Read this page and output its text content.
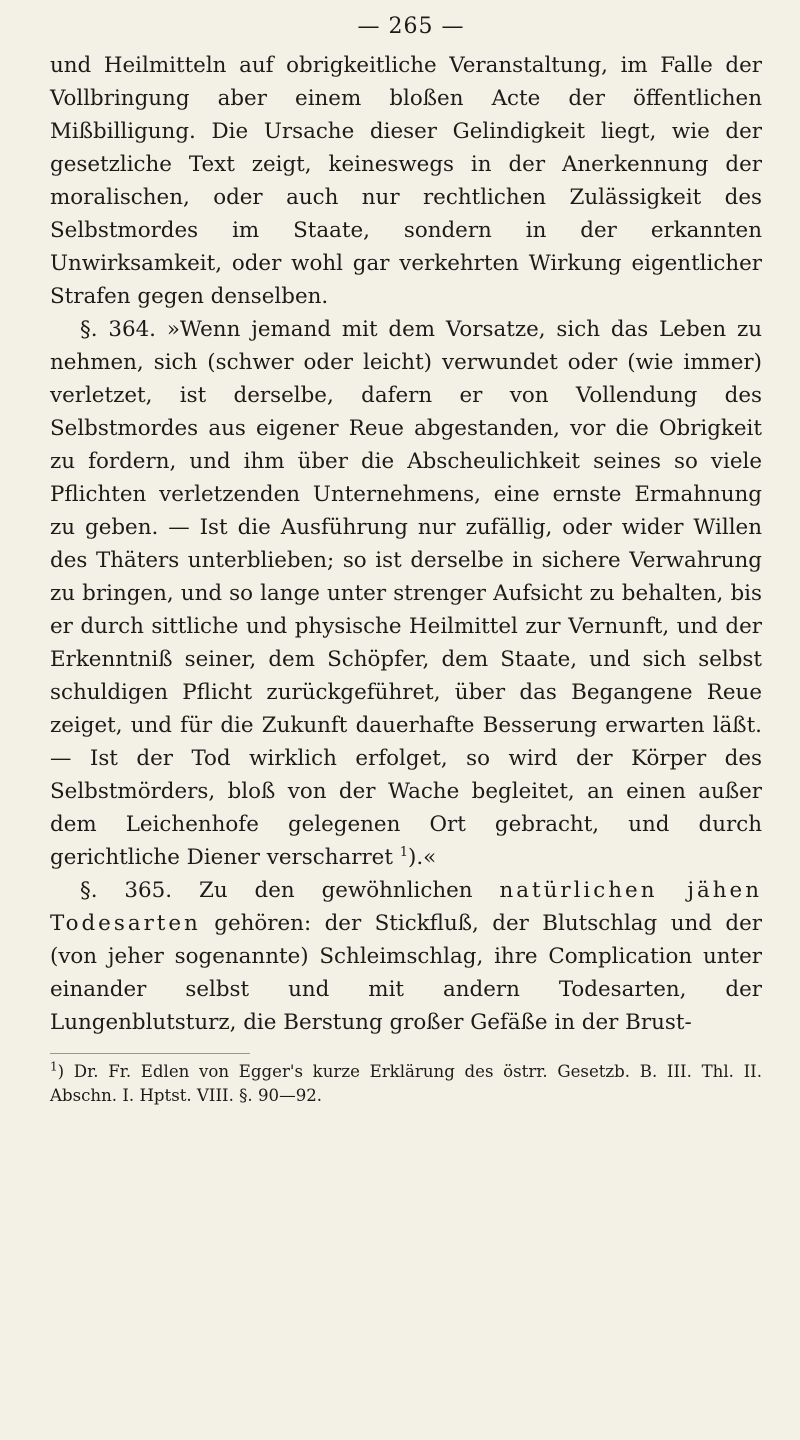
— 265 —

und Heilmitteln auf obrigkeitliche Veranstaltung, im Falle der Vollbringung aber einem bloßen Acte der öffentlichen Mißbilligung. Die Ursache dieser Gelindigkeit liegt, wie der gesetzliche Text zeigt, keineswegs in der Anerkennung der moralischen, oder auch nur rechtlichen Zulässigkeit des Selbstmordes im Staate, sondern in der erkannten Unwirksamkeit, oder wohl gar verkehrten Wirkung eigentlicher Strafen gegen denselben.

§. 364. »Wenn jemand mit dem Vorsatze, sich das Leben zu nehmen, sich (schwer oder leicht) verwundet oder (wie immer) verletzet, ist derselbe, dafern er von Vollendung des Selbstmordes aus eigener Reue abgestanden, vor die Obrigkeit zu fordern, und ihm über die Abscheulichkeit seines so viele Pflichten verletzenden Unternehmens, eine ernste Ermahnung zu geben. — Ist die Ausführung nur zufällig, oder wider Willen des Thäters unterblieben; so ist derselbe in sichere Verwahrung zu bringen, und so lange unter strenger Aufsicht zu behalten, bis er durch sittliche und physische Heilmittel zur Vernunft, und der Erkenntniß seiner, dem Schöpfer, dem Staate, und sich selbst schuldigen Pflicht zurückgeführet, über das Begangene Reue zeiget, und für die Zukunft dauerhafte Besserung erwarten läßt. — Ist der Tod wirklich erfolget, so wird der Körper des Selbstmörders, bloß von der Wache begleitet, an einen außer dem Leichenhofe gelegenen Ort gebracht, und durch gerichtliche Diener verscharret $^1$).«

§. 365. Zu den gewöhnlichen natürlichen jähen Todesarten gehören: der Stickfluß, der Blutschlag und der (von jeher sogenannte) Schleimschlag, ihre Complication unter einander selbst und mit andern Todesarten, der Lungenblutsturz, die Berstung großer Gefäße in der Brust-

$^1$) Dr. Fr. Edlen von Egger's kurze Erklärung des östrr. Gesetzb. B. III. Thl. II. Abschn. I. Hptst. VIII. §. 90—92.
